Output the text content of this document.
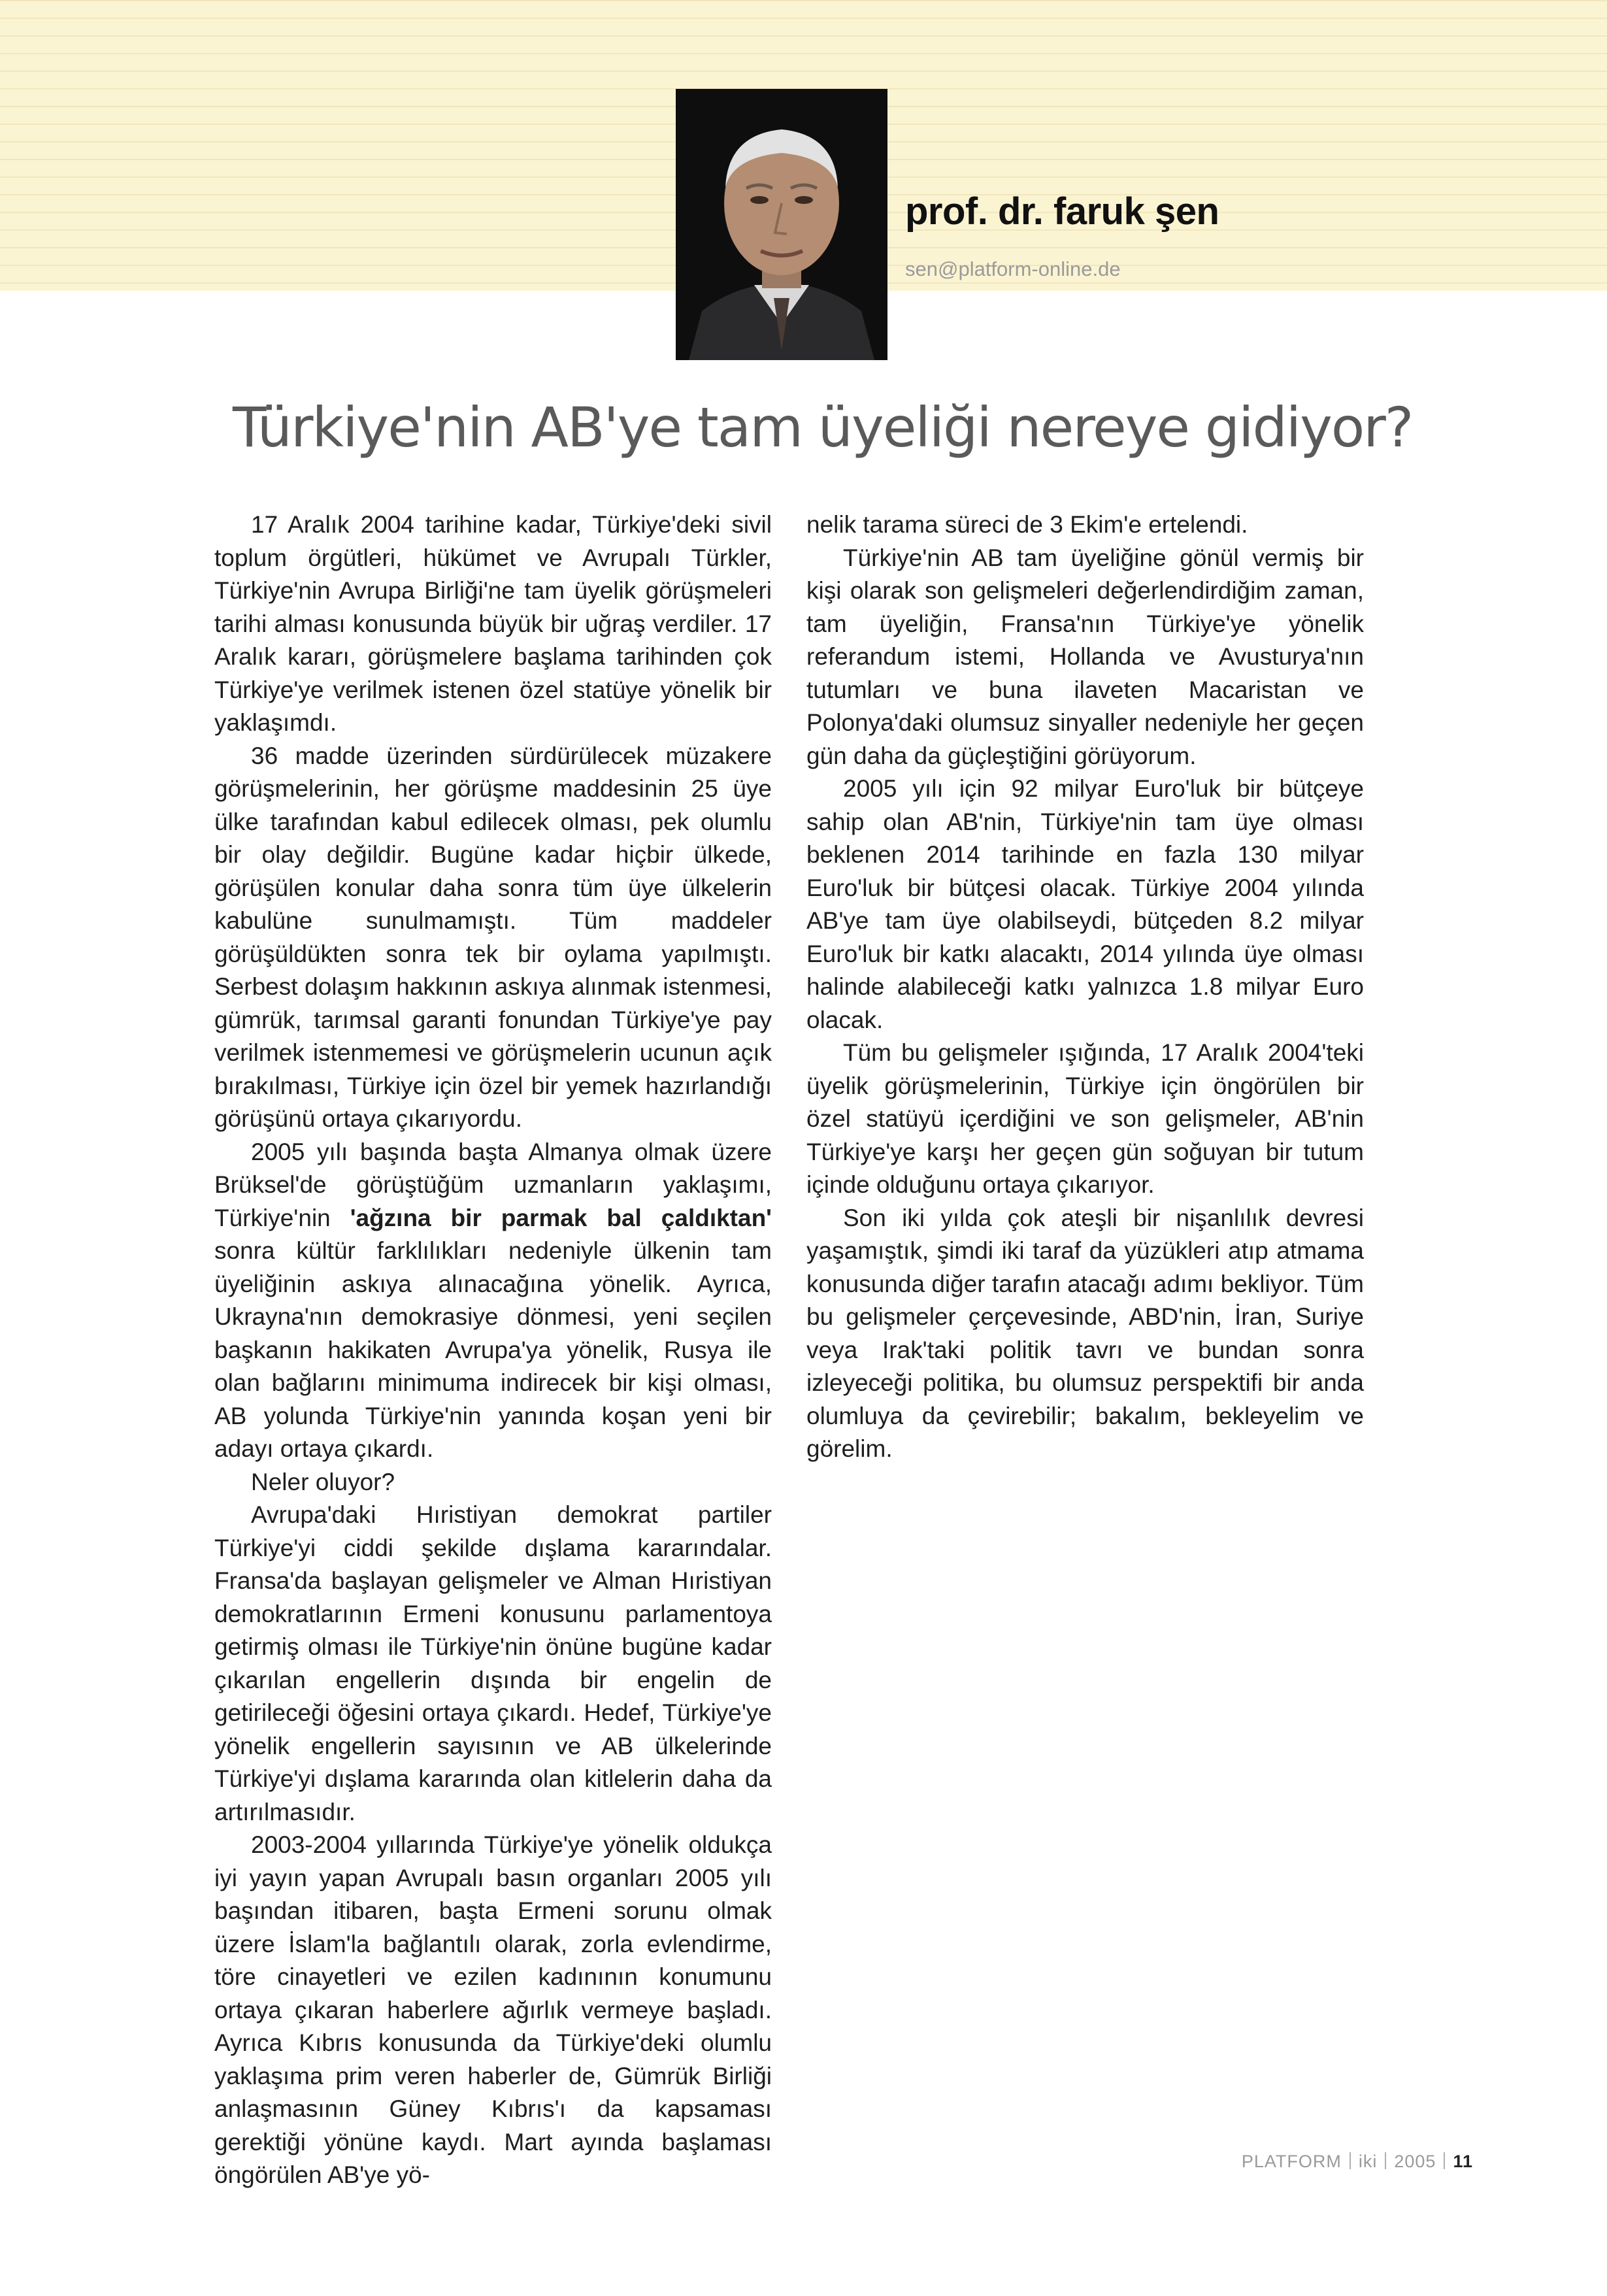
prof. dr. faruk şen
sen@platform-online.de
Türkiye'nin AB'ye tam üyeliği nereye gidiyor?

17 Aralık 2004 tarihine kadar, Türkiye'deki sivil toplum örgütleri, hükümet ve Avrupalı Türkler, Türkiye'nin Avrupa Birliği'ne tam üyelik görüşmeleri tarihi alması konusunda büyük bir uğraş verdiler. 17 Aralık kararı, görüşmelere başlama tarihinden çok Türkiye'ye verilmek istenen özel statüye yönelik bir yaklaşımdı.

36 madde üzerinden sürdürülecek müzakere görüşmelerinin, her görüşme maddesinin 25 üye ülke tarafından kabul edilecek olması, pek olumlu bir olay değildir. Bugüne kadar hiçbir ülkede, görüşülen konular daha sonra tüm üye ülkelerin kabulüne sunulmamıştı. Tüm maddeler görüşüldükten sonra tek bir oylama yapılmıştı. Serbest dolaşım hakkının askıya alınmak istenmesi, gümrük, tarımsal garanti fonundan Türkiye'ye pay verilmek istenmemesi ve görüşmelerin ucunun açık bırakılması, Türkiye için özel bir yemek hazırlandığı görüşünü ortaya çıkarıyordu.

2005 yılı başında başta Almanya olmak üzere Brüksel'de görüştüğüm uzmanların yaklaşımı, Türkiye'nin 'ağzına bir parmak bal çaldıktan' sonra kültür farklılıkları nedeniyle ülkenin tam üyeliğinin askıya alınacağına yönelik. Ayrıca, Ukrayna'nın demokrasiye dönmesi, yeni seçilen başkanın hakikaten Avrupa'ya yönelik, Rusya ile olan bağlarını minimuma indirecek bir kişi olması, AB yolunda Türkiye'nin yanında koşan yeni bir adayı ortaya çıkardı.

Neler oluyor?

Avrupa'daki Hıristiyan demokrat partiler Türkiye'yi ciddi şekilde dışlama kararındalar. Fransa'da başlayan gelişmeler ve Alman Hıristiyan demokratlarının Ermeni konusunu parlamentoya getirmiş olması ile Türkiye'nin önüne bugüne kadar çıkarılan engellerin dışında bir engelin de getirileceği öğesini ortaya çıkardı. Hedef, Türkiye'ye yönelik engellerin sayısının ve AB ülkelerinde Türkiye'yi dışlama kararında olan kitlelerin daha da artırılmasıdır.

2003-2004 yıllarında Türkiye'ye yönelik oldukça iyi yayın yapan Avrupalı basın organları 2005 yılı başından itibaren, başta Ermeni sorunu olmak üzere İslam'la bağlantılı olarak, zorla evlendirme, töre cinayetleri ve ezilen kadınının konumunu ortaya çıkaran haberlere ağırlık vermeye başladı. Ayrıca Kıbrıs konusunda da Türkiye'deki olumlu yaklaşıma prim veren haberler de, Gümrük Birliği anlaşmasının Güney Kıbrıs'ı da kapsaması gerektiği yönüne kaydı. Mart ayında başlaması öngörülen AB'ye yö-

nelik tarama süreci de 3 Ekim'e ertelendi.

Türkiye'nin AB tam üyeliğine gönül vermiş bir kişi olarak son gelişmeleri değerlendirdiğim zaman, tam üyeliğin, Fransa'nın Türkiye'ye yönelik referandum istemi, Hollanda ve Avusturya'nın tutumları ve buna ilaveten Macaristan ve Polonya'daki olumsuz sinyaller nedeniyle her geçen gün daha da güçleştiğini görüyorum.

2005 yılı için 92 milyar Euro'luk bir bütçeye sahip olan AB'nin, Türkiye'nin tam üye olması beklenen 2014 tarihinde en fazla 130 milyar Euro'luk bir bütçesi olacak. Türkiye 2004 yılında AB'ye tam üye olabilseydi, bütçeden 8.2 milyar Euro'luk bir katkı alacaktı, 2014 yılında üye olması halinde alabileceği katkı yalnızca 1.8 milyar Euro olacak.

Tüm bu gelişmeler ışığında, 17 Aralık 2004'teki üyelik görüşmelerinin, Türkiye için öngörülen bir özel statüyü içerdiğini ve son gelişmeler, AB'nin Türkiye'ye karşı her geçen gün soğuyan bir tutum içinde olduğunu ortaya çıkarıyor.

Son iki yılda çok ateşli bir nişanlılık devresi yaşamıştık, şimdi iki taraf da yüzükleri atıp atmama konusunda diğer tarafın atacağı adımı bekliyor. Tüm bu gelişmeler çerçevesinde, ABD'nin, İran, Suriye veya Irak'taki politik tavrı ve bundan sonra izleyeceği politika, bu olumsuz perspektifi bir anda olumluya da çevirebilir; bakalım, bekleyelim ve görelim.

PLATFORM iki 2005 11
